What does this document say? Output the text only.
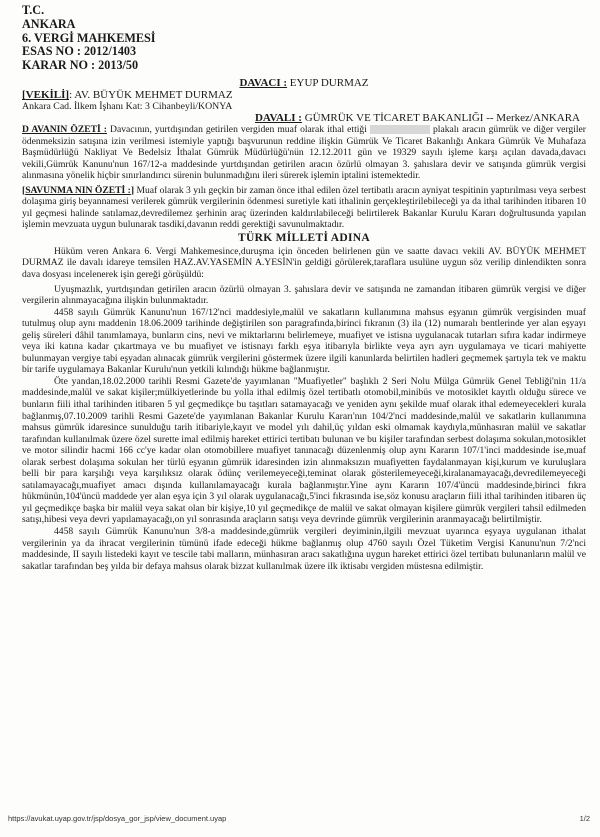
T.C.
ANKARA
6. VERGİ MAHKEMESİ
ESAS NO : 2012/1403
KARAR NO : 2013/50

DAVACI : EYUP DURMAZ

[VEKİLİ]: AV. BÜYÜK MEHMET DURMAZ

Ankara Cad. İlkem İşhanı Kat: 3 Cihanbeyli/KONYA

DAVALI : GÜMRÜK VE TİCARET BAKANLIĞI -- Merkez/ANKARA

D AVANIN ÖZETİ : Davacının, yurtdışından getirilen vergiden muaf olarak ithal ettiği	plakalı aracın gümrük ve diğer vergiler ödenmeksizin satışına izin verilmesi istemiyle yaptığı başvurunun reddine ilişkin Gümrük Ve Ticaret Bakanlığı Ankara Gümrük Ve Muhafaza Başmüdürlüğü Nakliyat Ve Bedelsiz İthalat Gümrük Müdürlüğü'nün 12.12.2011 gün ve 19329 sayılı işleme karşı açılan davada,davacı vekili,Gümrük Kanunu'nun 167/12-a maddesinde yurtdışından getirilen aracın özürlü olmayan 3. şahıslara devir ve satışında gümrük vergisi alınmasına yönelik hiçbir sınırlandırıcı sürenin bulunmadığını ileri sürerek işlemin iptalini istemektedir.

[SAVUNMA NIN ÖZETİ :] Muaf olarak 3 yılı geçkin bir zaman önce ithal edilen özel tertibatlı aracın ayniyat tespitinin yaptırılması veya serbest dolaşıma giriş beyannamesi verilerek gümrük vergilerinin ödenmesi suretiyle kati ithalinin gerçekleştirilebileceği ya da ithal tarihinden itibaren 10 yıl geçmesi halinde satılamaz,devredilemez şerhinin araç üzerinden kaldırılabileceği belirtilerek Bakanlar Kurulu Kararı doğrultusunda yapılan işlemin mevzuata uygun bulunarak tasdiki,davanın reddi gerektiği savunulmaktadır.

TÜRK MİLLETİ ADINA

Hüküm veren Ankara 6. Vergi Mahkemesince,duruşma için önceden belirlenen gün ve saatte davacı vekili AV. BÜYÜK MEHMET DURMAZ ile davalı idareye temsilen HAZ.AV.YASEMİN A.YESİN'in geldiği görülerek,taraflara usulüne uygun söz verilip dinlendikten sonra dava dosyası incelenerek işin gereği görüşüldü:

Uyuşmazlık, yurtdışından getirilen aracın özürlü olmayan 3. şahıslara devir ve satışında ne zamandan itibaren gümrük vergisi ve diğer vergilerin alınmayacağına ilişkin bulunmaktadır.

4458 sayılı Gümrük Kanunu'nun 167/12'nci maddesiyle,malül ve sakatların kullanımına mahsus eşyanın gümrük vergisinden muaf tutulmuş olup aynı maddenin 18.06.2009 tarihinde değiştirilen son paragrafında,birinci fıkranın (3) ila (12) numaralı bentlerinde yer alan eşyayı geliş süreleri dâhil tanımlamaya, bunların cins, nevi ve miktarlarını belirlemeye, muafiyet ve istisna uygulanacak tutarları sıfıra kadar indirmeye veya iki katına kadar çıkartmaya ve bu muafiyet ve istisnayı farklı eşya itibarıyla birlikte veya ayrı ayrı uygulamaya ve ticari mahiyette bulunmayan vergiye tabi eşyadan alınacak gümrük vergilerini göstermek üzere ilgili kanunlarda belirtilen hadleri geçmemek şartıyla tek ve maktu bir tarife uygulamaya Bakanlar Kurulu'nun yetkili kılındığı hükme bağlanmıştır.

Öte yandan,18.02.2000 tarihli Resmi Gazete'de yayımlanan "Muafiyetler" başlıklı 2 Seri Nolu Mülga Gümrük Genel Tebliği'nin 11/a maddesinde,malül ve sakat kişiler;mülkiyetlerinde bu yolla ithal edilmiş özel tertibatlı otomobil,minibüs ve motosiklet kayıtlı olduğu sürece ve bunların fiili ithal tarihinden itibaren 5 yıl geçmedikçe bu taşıtları satamayacağı ve yeniden aynı şekilde muaf olarak ithal edemeyecekleri kurala bağlanmış,07.10.2009 tarihli Resmi Gazete'de yayımlanan Bakanlar Kurulu Kararı'nın 104/2'nci maddesinde,malül ve sakatlarin kullanımına mahsus gümrük idaresince sunulduğu tarih itibariyle,kayıt ve model yılı dahil,üç yıldan eski olmamak kaydıyla,münhasıran malül ve sakatlar tarafından kullanılmak üzere özel surette imal edilmiş hareket ettirici tertibatı bulunan ve bu kişiler tarafından serbest dolaşıma sokulan,motosiklet ve motor silindir hacmi 166 cc'ye kadar olan otomobillere muafiyet tanınacağı düzenlenmiş olup aynı Kararın 107/1'inci maddesinde ise,muaf olarak serbest dolaşıma sokulan her türlü eşyanın gümrük idaresinden izin alınmaksızın muafiyetten faydalanmayan kişi,kurum ve kuruluşlara belli bir para karşılığı veya karşılıksız olarak ödünç verilemeyeceği,teminat olarak gösterilemeyeceği,kiralanamayacağı,devredilemeyeceği satılamayacağı,muafiyet amacı dışında kullanılamayacağı kurala bağlanmıştır.Yine aynı Kararın 107/4'üncü maddesinde,birinci fıkra hükmünün,104'üncü maddede yer alan eşya için 3 yıl olarak uygulanacağı,5'inci fıkrasında ise,söz konusu araçların fiili ithal tarihinden itibaren üç yıl geçmedikçe başka bir malül veya sakat olan bir kişiye,10 yıl geçmedikçe de malül ve sakat olmayan kişilere gümrük vergileri tahsil edilmeden satışı,hibesi veya devri yapılamayacağı,on yıl sonrasında araçların satışı veya devrinde gümrük vergilerinin aranmayacağı belirtilmiştir.

4458 sayılı Gümrük Kanunu'nun 3/8-a maddesinde,gümrük vergileri deyiminin,ilgili mevzuat uyarınca eşyaya uygulanan ithalat vergilerinin ya da ihracat vergilerinin tümünü ifade edeceği hükme bağlanmış olup 4760 sayılı Özel Tüketim Vergisi Kanunu'nun 7/2'nci maddesinde, II sayılı listedeki kayıt ve tescile tabi malların, münhasıran aracı sakatlığına uygun hareket ettirici özel tertibatı bulunanların malül ve sakatlar tarafından beş yılda bir defaya mahsus olarak bizzat kullanılmak üzere ilk iktisabı vergiden müstesna edilmiştir.

https://avukat.uyap.gov.tr/jsp/dosya_gor_jsp/view_document.uyap	1/2
